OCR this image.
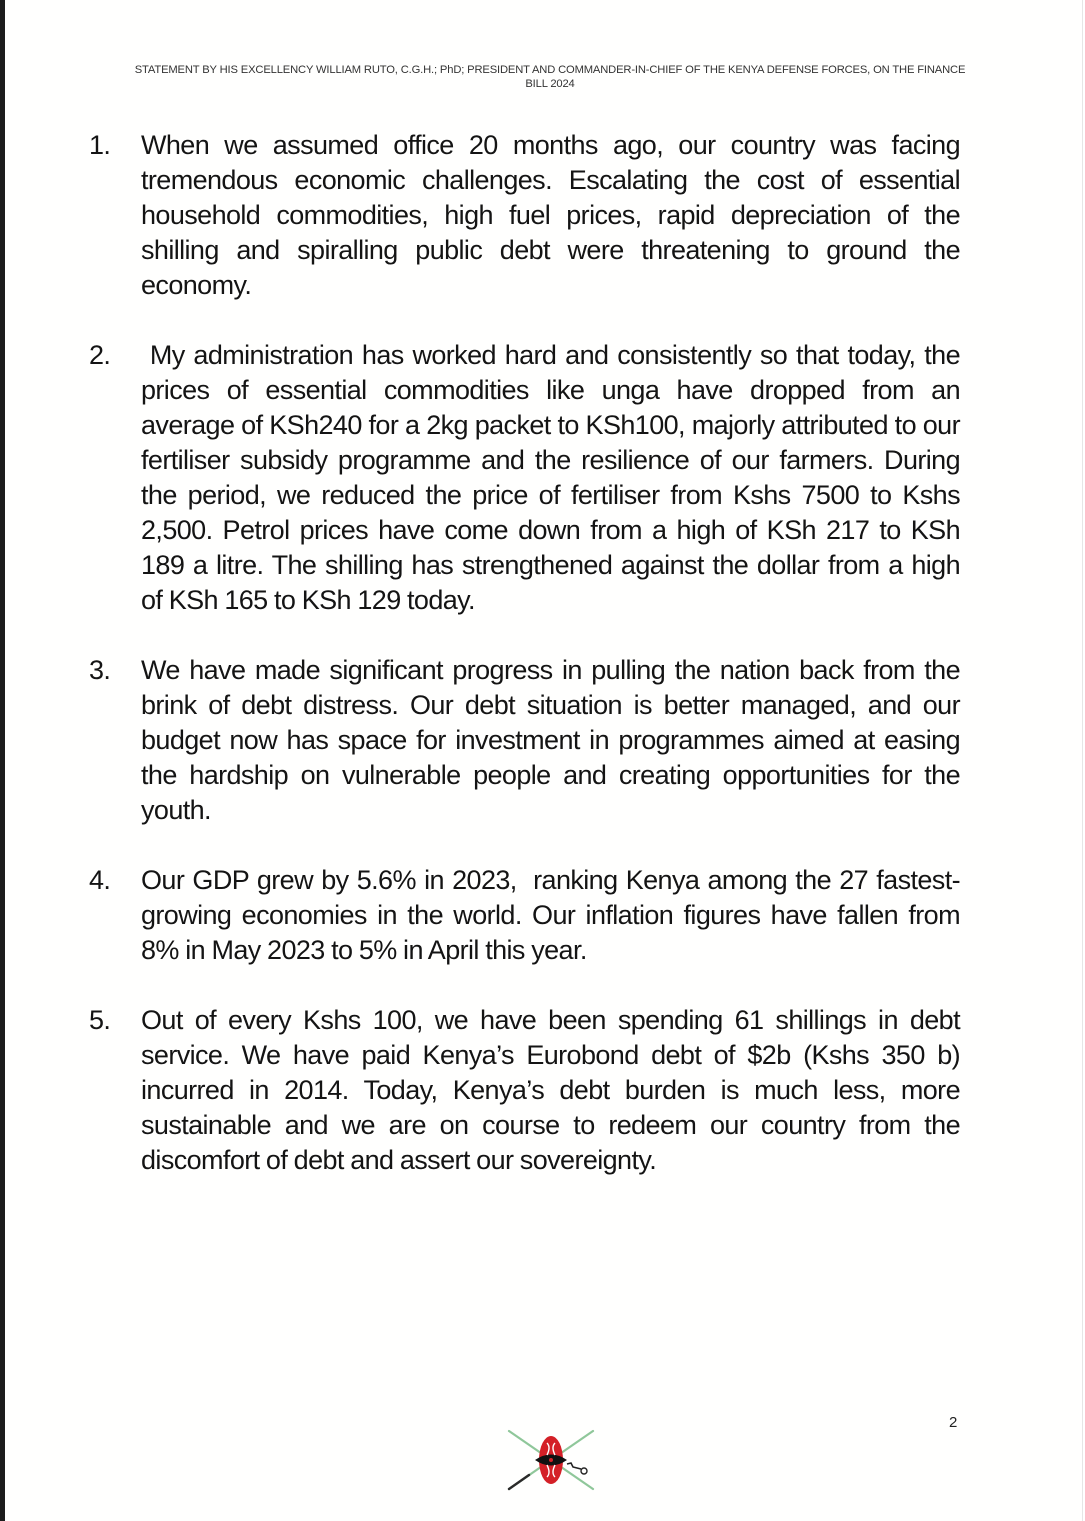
STATEMENT BY HIS EXCELLENCY WILLIAM RUTO, C.G.H.; PhD; PRESIDENT AND COMMANDER-IN-CHIEF OF THE KENYA DEFENSE FORCES, ON THE FINANCE BILL 2024
1. When we assumed office 20 months ago, our country was facing tremendous economic challenges. Escalating the cost of essential household commodities, high fuel prices, rapid depreciation of the shilling and spiralling public debt were threatening to ground the economy.
2. My administration has worked hard and consistently so that today, the prices of essential commodities like unga have dropped from an average of KSh240 for a 2kg packet to KSh100, majorly attributed to our fertiliser subsidy programme and the resilience of our farmers. During the period, we reduced the price of fertiliser from Kshs 7500 to Kshs 2,500. Petrol prices have come down from a high of KSh 217 to KSh 189 a litre. The shilling has strengthened against the dollar from a high of KSh 165 to KSh 129 today.
3. We have made significant progress in pulling the nation back from the brink of debt distress. Our debt situation is better managed, and our budget now has space for investment in programmes aimed at easing the hardship on vulnerable people and creating opportunities for the youth.
4. Our GDP grew by 5.6% in 2023,  ranking Kenya among the 27 fastest-growing economies in the world. Our inflation figures have fallen from 8% in May 2023 to 5% in April this year.
5. Out of every Kshs 100, we have been spending 61 shillings in debt service. We have paid Kenya’s Eurobond debt of $2b (Kshs 350 b) incurred in 2014. Today, Kenya’s debt burden is much less, more sustainable and we are on course to redeem our country from the discomfort of debt and assert our sovereignty.
2
